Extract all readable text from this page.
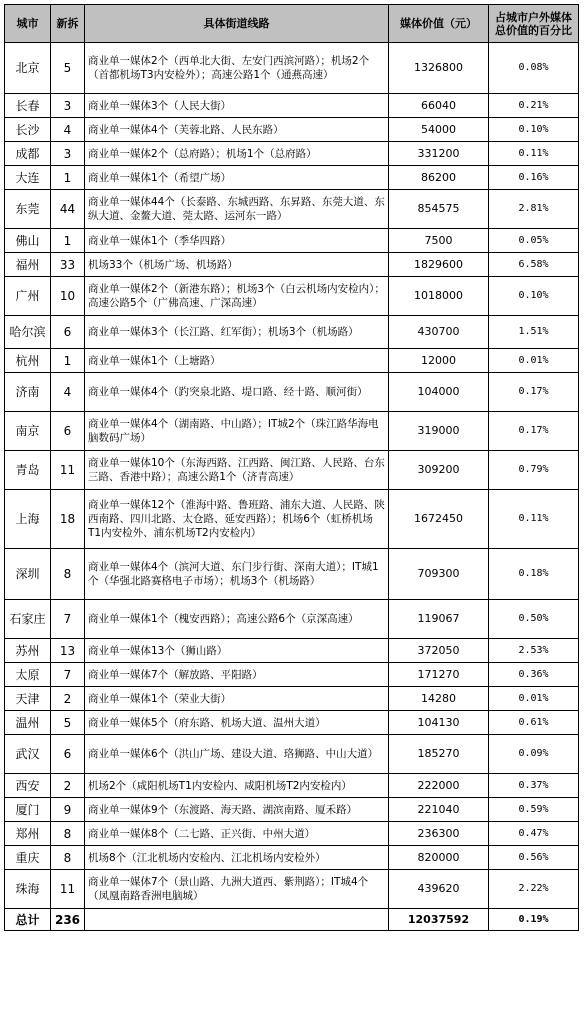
城市	新拆	具体街道线路	媒体价值（元）	占城市户外媒体总价值的百分比
北京	5	商业单一媒体2个（西单北大街、左安门西滨河路）；机场2个（首都机场T3内安检外）；高速公路1个（通燕高速）	1326800	0.08%
长春	3	商业单一媒体3个（人民大街）	66040	0.21%
长沙	4	商业单一媒体4个（芙蓉北路、人民东路）	54000	0.10%
成都	3	商业单一媒体2个（总府路）；机场1个（总府路）	331200	0.11%
大连	1	商业单一媒体1个（希望广场）	86200	0.16%
东莞	44	商业单一媒体44个（长泰路、东城西路、东昇路、东莞大道、东纵大道、金鳌大道、莞太路、运河东一路）	854575	2.81%
佛山	1	商业单一媒体1个（季华四路）	7500	0.05%
福州	33	机场33个（机场广场、机场路）	1829600	6.58%
广州	10	商业单一媒体2个（新港东路）；机场3个（白云机场内安检内）；高速公路5个（广佛高速、广深高速）	1018000	0.10%
哈尔滨	6	商业单一媒体3个（长江路、红军街）；机场3个（机场路）	430700	1.51%
杭州	1	商业单一媒体1个（上塘路）	12000	0.01%
济南	4	商业单一媒体4个（趵突泉北路、堤口路、经十路、顺河街）	104000	0.17%
南京	6	商业单一媒体4个（湖南路、中山路）；IT城2个（珠江路华海电脑数码广场）	319000	0.17%
青岛	11	商业单一媒体10个（东海西路、江西路、闽江路、人民路、台东三路、香港中路）；高速公路1个（济青高速）	309200	0.79%
上海	18	商业单一媒体12个（淮海中路、鲁班路、浦东大道、人民路、陕西南路、四川北路、太仓路、延安西路）；机场6个（虹桥机场T1内安检外、浦东机场T2内安检内）	1672450	0.11%
深圳	8	商业单一媒体4个（滨河大道、东门步行街、深南大道）；IT城1个（华强北路赛格电子市场）；机场3个（机场路）	709300	0.18%
石家庄	7	商业单一媒体1个（槐安西路）；高速公路6个（京深高速）	119067	0.50%
苏州	13	商业单一媒体13个（狮山路）	372050	2.53%
太原	7	商业单一媒体7个（解放路、平阳路）	171270	0.36%
天津	2	商业单一媒体1个（荣业大街）	14280	0.01%
温州	5	商业单一媒体5个（府东路、机场大道、温州大道）	104130	0.61%
武汉	6	商业单一媒体6个（洪山广场、建设大道、珞狮路、中山大道）	185270	0.09%
西安	2	机场2个（咸阳机场T1内安检内、咸阳机场T2内安检内）	222000	0.37%
厦门	9	商业单一媒体9个（东渡路、海天路、湖滨南路、厦禾路）	221040	0.59%
郑州	8	商业单一媒体8个（二七路、正兴街、中州大道）	236300	0.47%
重庆	8	机场8个（江北机场内安检内、江北机场内安检外）	820000	0.56%
珠海	11	商业单一媒体7个（景山路、九洲大道西、紫荆路）；IT城4个（凤凰南路香洲电脑城）	439620	2.22%
总计	236		12037592	0.19%
